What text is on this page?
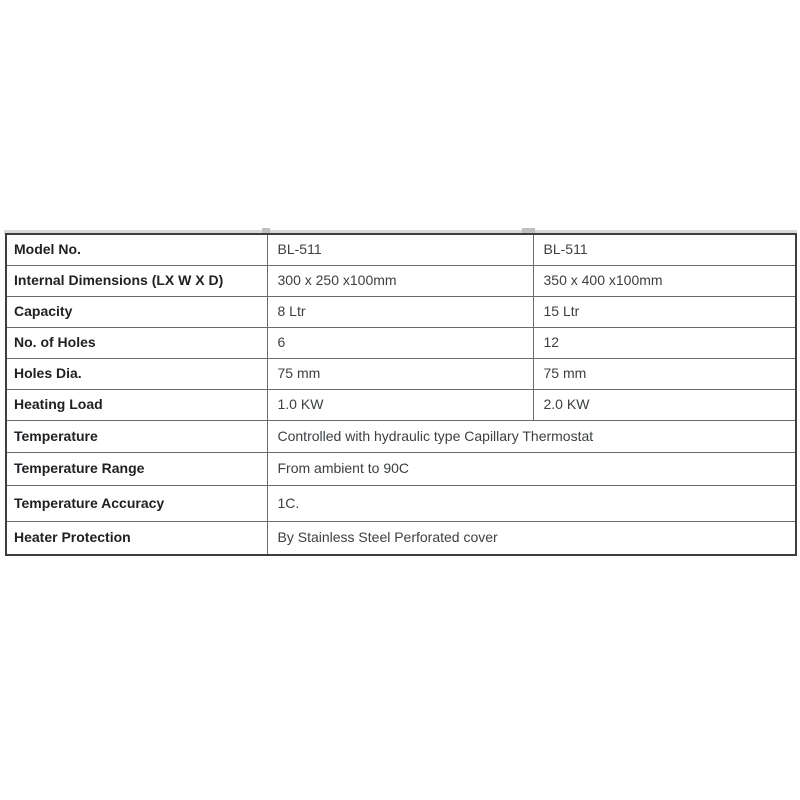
Model No.	BL-511	BL-511
Internal Dimensions (LX W X D)	300 x 250 x100mm	350 x 400 x100mm
Capacity	8 Ltr	15 Ltr
No. of Holes	6	12
Holes Dia.	75 mm	75 mm
Heating Load	1.0 KW	2.0 KW
Temperature	Controlled with hydraulic type Capillary Thermostat	
Temperature Range	From ambient to 90C	
Temperature Accuracy	1C.	
Heater Protection	By Stainless Steel Perforated cover	
